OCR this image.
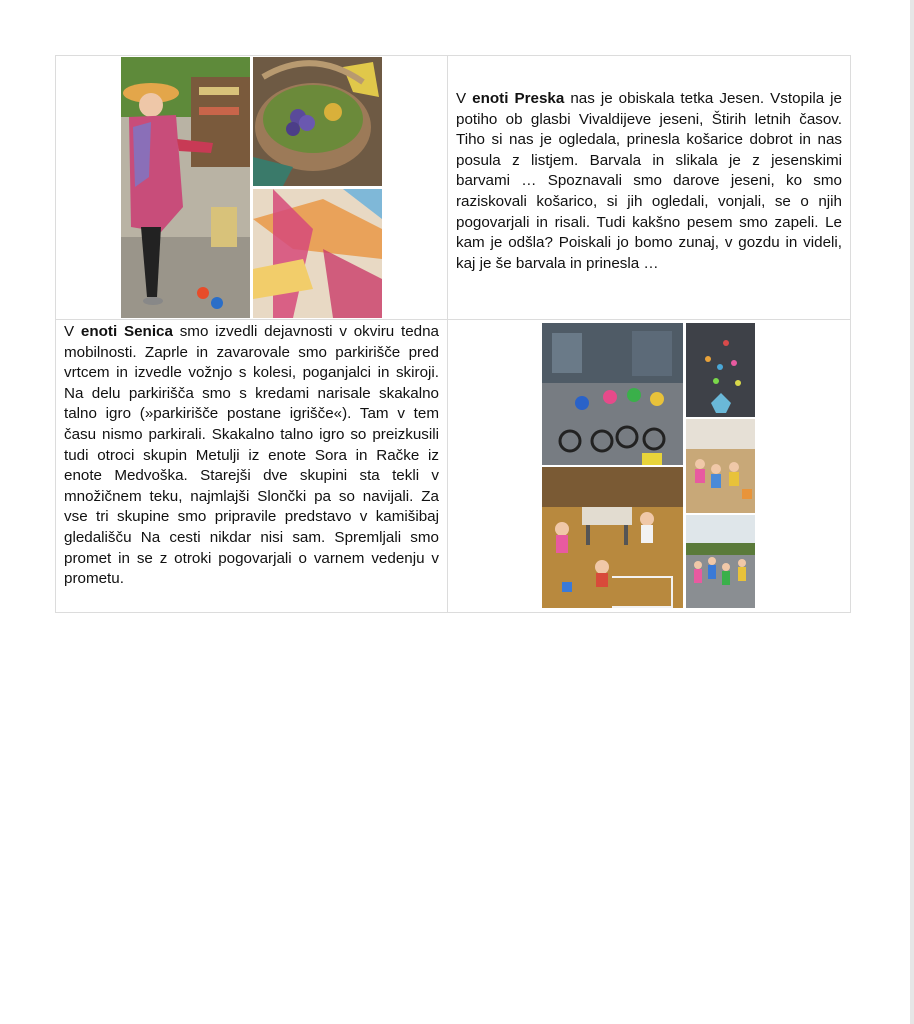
V enoti Preska nas je obiskala tetka Jesen. Vstopila je potiho ob glasbi Vivaldijeve jeseni, Štirih letnih časov. Tiho si nas je ogledala, prinesla košarice dobrot in nas posula z listjem. Barvala in slikala je z jesenskimi barvami … Spoznavali smo darove jeseni, ko smo raziskovali košarico, si jih ogledali, vonjali, se o njih pogovarjali in risali. Tudi kakšno pesem smo zapeli. Le kam je odšla? Poiskali jo bomo zunaj, v gozdu in videli, kaj je še barvala in prinesla …

V enoti Senica smo izvedli dejavnosti v okviru tedna mobilnosti. Zaprle in zavarovale smo parkirišče pred vrtcem in izvedle vožnjo s kolesi, poganjalci in skiroji. Na delu parkirišča smo s kredami narisale skakalno talno igro (»parkirišče postane igrišče«). Tam v tem času nismo parkirali. Skakalno talno igro so preizkusili tudi otroci skupin Metulji iz enote Sora in Račke iz enote Medvoška. Starejši dve skupini sta tekli v množičnem teku, najmlajši Slončki pa so navijali. Za vse tri skupine smo pripravile predstavo v kamišibaj gledališču Na cesti nikdar nisi sam. Spremljali smo promet in se z otroki pogovarjali o varnem vedenju v prometu.
